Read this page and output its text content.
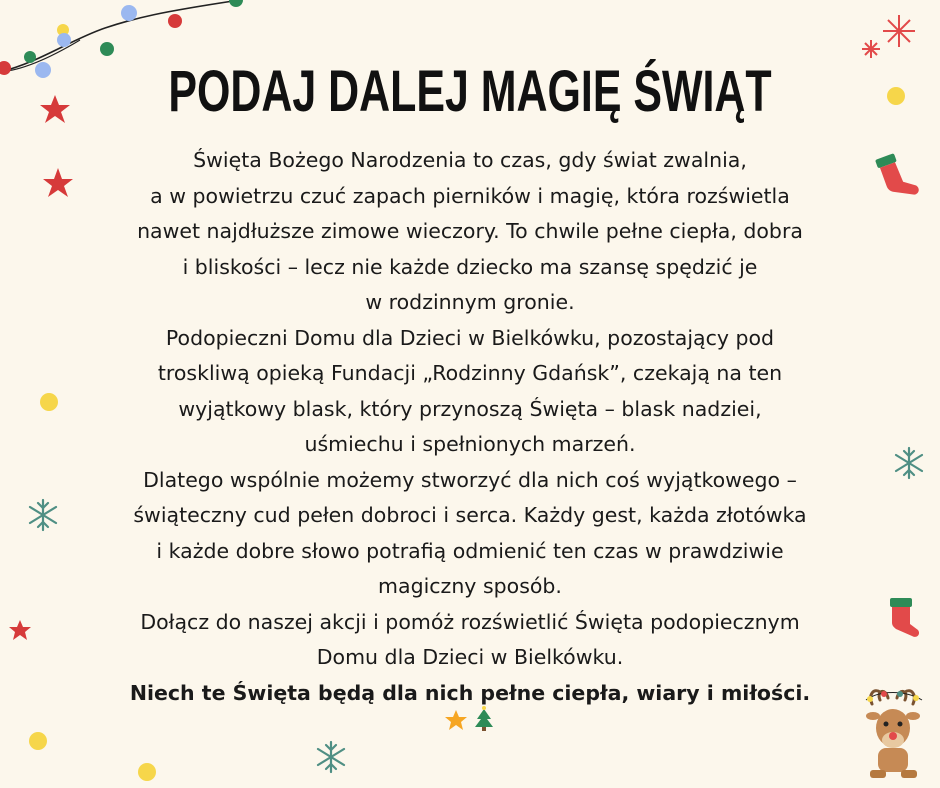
PODAJ DALEJ MAGIĘ ŚWIĄT
Święta Bożego Narodzenia to czas, gdy świat zwalnia,
a w powietrzu czuć zapach pierników i magię, która rozświetla
nawet najdłuższe zimowe wieczory. To chwile pełne ciepła, dobra
i bliskości – lecz nie każde dziecko ma szansę spędzić je
w rodzinnym gronie.
Podopieczni Domu dla Dzieci w Bielkówku, pozostający pod
troskliwą opieką Fundacji „Rodzinny Gdańsk”, czekają na ten
wyjątkowy blask, który przynoszą Święta – blask nadziei,
uśmiechu i spełnionych marzeń.
Dlatego wspólnie możemy stworzyć dla nich coś wyjątkowego –
świąteczny cud pełen dobroci i serca. Każdy gest, każda złotówka
i każde dobre słowo potrafią odmienić ten czas w prawdziwie
magiczny sposób.
Dołącz do naszej akcji i pomóż rozświetlić Święta podopiecznym
Domu dla Dzieci w Bielkówku.
Niech te Święta będą dla nich pełne ciepła, wiary i miłości.
